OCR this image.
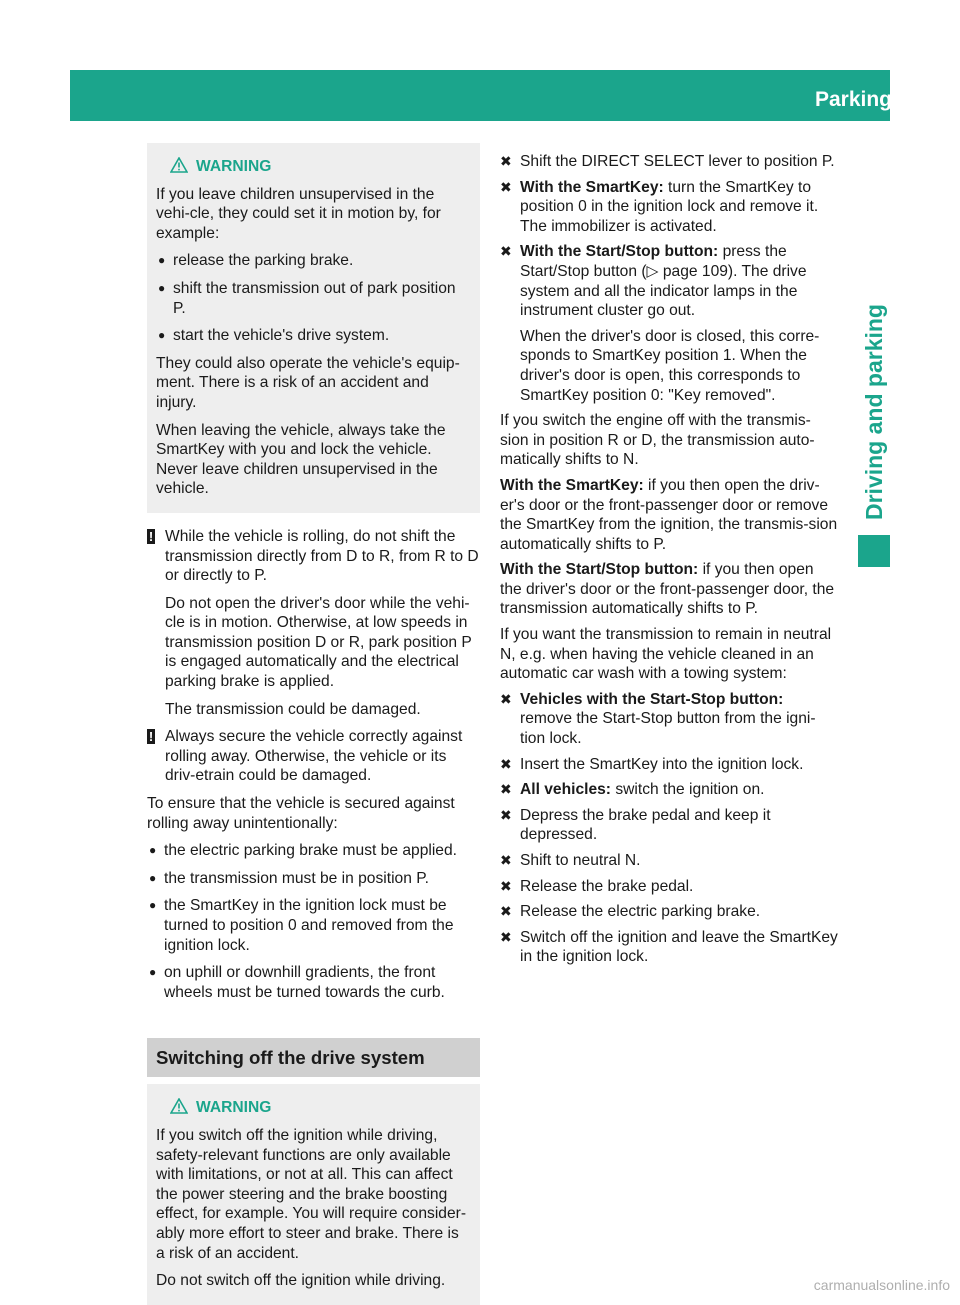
Parking	129
Driving and parking
WARNING
If you leave children unsupervised in the vehi-cle, they could set it in motion by, for example:
● release the parking brake.
● shift the transmission out of park position P.
● start the vehicle's drive system.
They could also operate the vehicle's equip-ment. There is a risk of an accident and injury.
When leaving the vehicle, always take the SmartKey with you and lock the vehicle. Never leave children unsupervised in the vehicle.
! While the vehicle is rolling, do not shift the transmission directly from D to R, from R to D or directly to P.
Do not open the driver's door while the vehi-cle is in motion. Otherwise, at low speeds in transmission position D or R, park position P is engaged automatically and the electrical parking brake is applied.
The transmission could be damaged.
! Always secure the vehicle correctly against rolling away. Otherwise, the vehicle or its driv-etrain could be damaged.
To ensure that the vehicle is secured against rolling away unintentionally:
● the electric parking brake must be applied.
● the transmission must be in position P.
● the SmartKey in the ignition lock must be turned to position 0 and removed from the ignition lock.
● on uphill or downhill gradients, the front wheels must be turned towards the curb.
Switching off the drive system
WARNING
If you switch off the ignition while driving, safety-relevant functions are only available with limitations, or not at all. This can affect the power steering and the brake boosting effect, for example. You will require consider-ably more effort to steer and brake. There is a risk of an accident.
Do not switch off the ignition while driving.
✖ Shift the DIRECT SELECT lever to position P.
✖ With the SmartKey: turn the SmartKey to position 0 in the ignition lock and remove it. The immobilizer is activated.
✖ With the Start/Stop button: press the Start/Stop button (▷ page 109). The drive system and all the indicator lamps in the instrument cluster go out.
When the driver's door is closed, this corre-sponds to SmartKey position 1. When the driver's door is open, this corresponds to SmartKey position 0: "Key removed".
If you switch the engine off with the transmis-sion in position R or D, the transmission auto-matically shifts to N.
With the SmartKey: if you then open the driv-er's door or the front-passenger door or remove the SmartKey from the ignition, the transmis-sion automatically shifts to P.
With the Start/Stop button: if you then open the driver's door or the front-passenger door, the transmission automatically shifts to P.
If you want the transmission to remain in neutral N, e.g. when having the vehicle cleaned in an automatic car wash with a towing system:
✖ Vehicles with the Start-Stop button:
remove the Start-Stop button from the igni-tion lock.
✖ Insert the SmartKey into the ignition lock.
✖ All vehicles: switch the ignition on.
✖ Depress the brake pedal and keep it depressed.
✖ Shift to neutral N.
✖ Release the brake pedal.
✖ Release the electric parking brake.
✖ Switch off the ignition and leave the SmartKey in the ignition lock.
carmanualsonline.info
